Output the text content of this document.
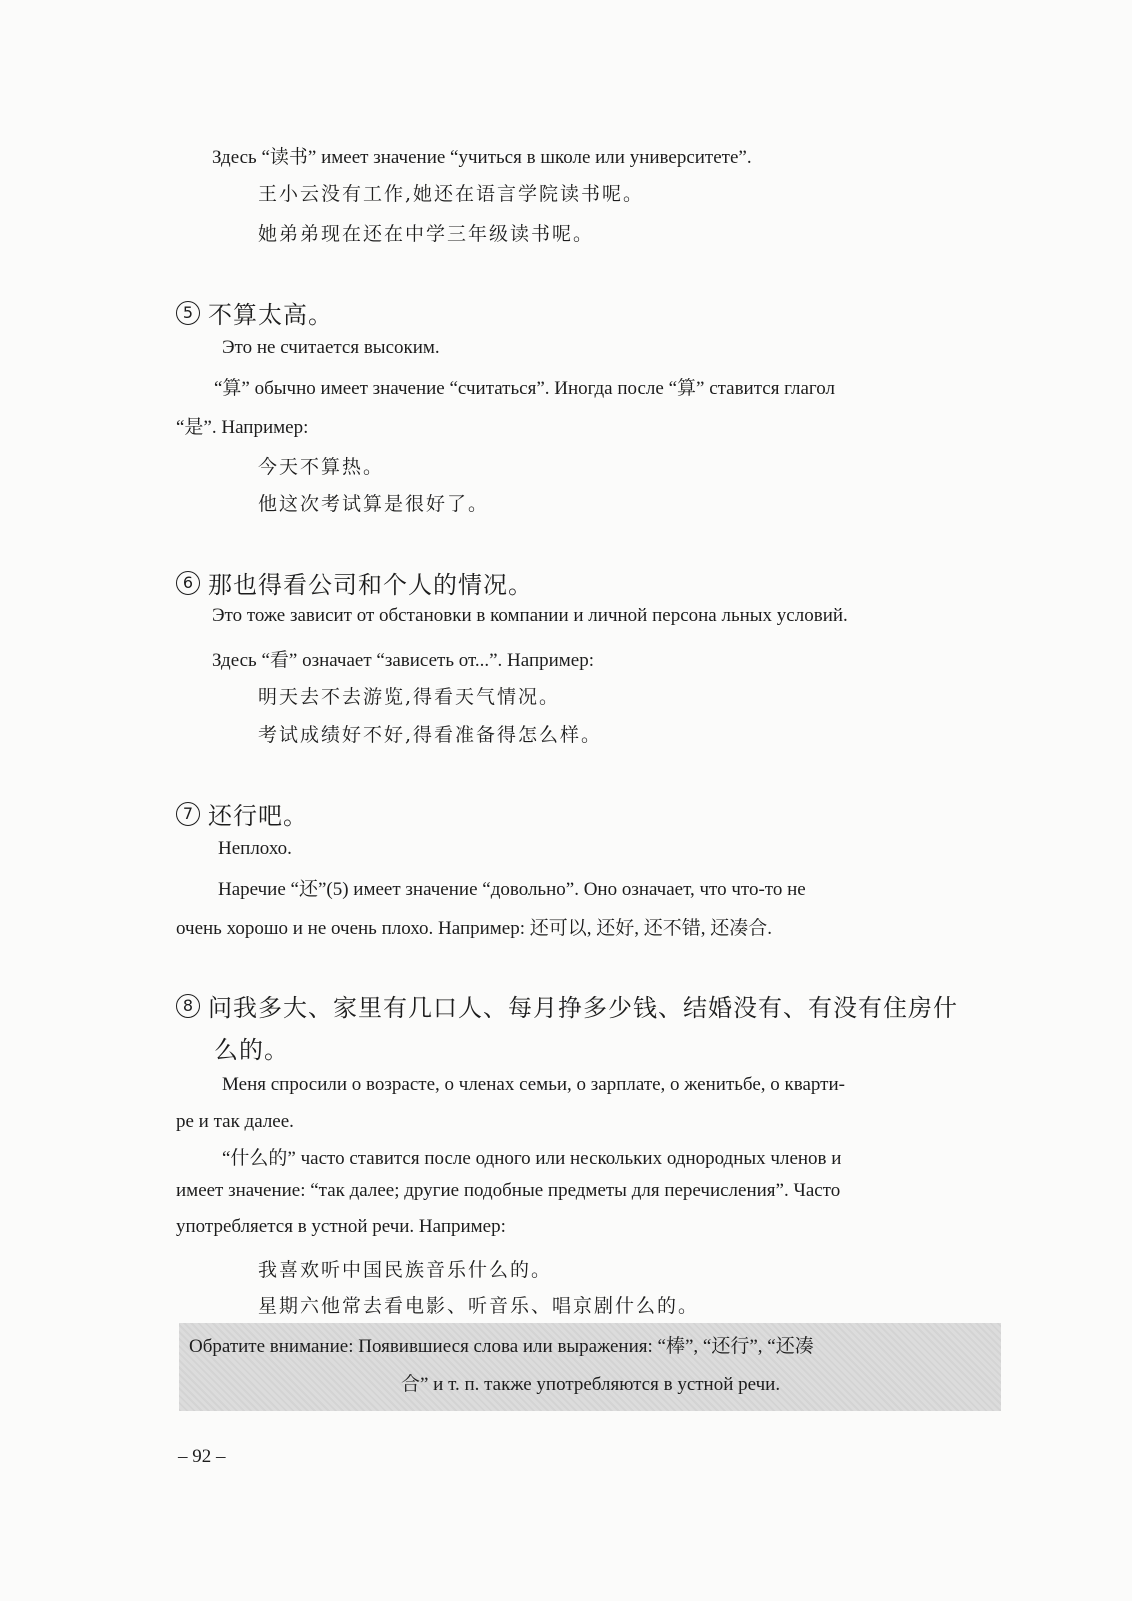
Здесь “读书” имеет значение “учиться в школе или университете”.
王小云没有工作,她还在语言学院读书呢。
她弟弟现在还在中学三年级读书呢。
5 不算太高。
Это не считается высоким.
“算” обычно имеет значение “считаться”. Иногда после “算” ставится глагол
“是”. Например:
今天不算热。
他这次考试算是很好了。
6 那也得看公司和个人的情况。
Это тоже зависит от обстановки в компании и личной персона льных условий.
Здесь “看” означает “зависеть от...”. Например:
明天去不去游览,得看天气情况。
考试成绩好不好,得看准备得怎么样。
7 还行吧。
Неплохо.
Наречие “还”(5) имеет значение “довольно”. Оно означает, что что-то не
очень хорошо и не очень плохо. Например: 还可以, 还好, 还不错, 还凑合.
8 问我多大、家里有几口人、每月挣多少钱、结婚没有、有没有住房什
么的。
Меня спросили о возрасте, о членах семьи, о зарплате, о женитьбе, о кварти-
ре и так далее.
“什么的” часто ставится после одного или нескольких однородных членов и
имеет значение: “так далее; другие подобные предметы для перечисления”. Часто
употребляется в устной речи. Например:
我喜欢听中国民族音乐什么的。
星期六他常去看电影、听音乐、唱京剧什么的。
Обратите внимание: Появившиеся слова или выражения: “棒”, “还行”, “还凑
合” и т. п. также употребляются в устной речи.
– 92 –
